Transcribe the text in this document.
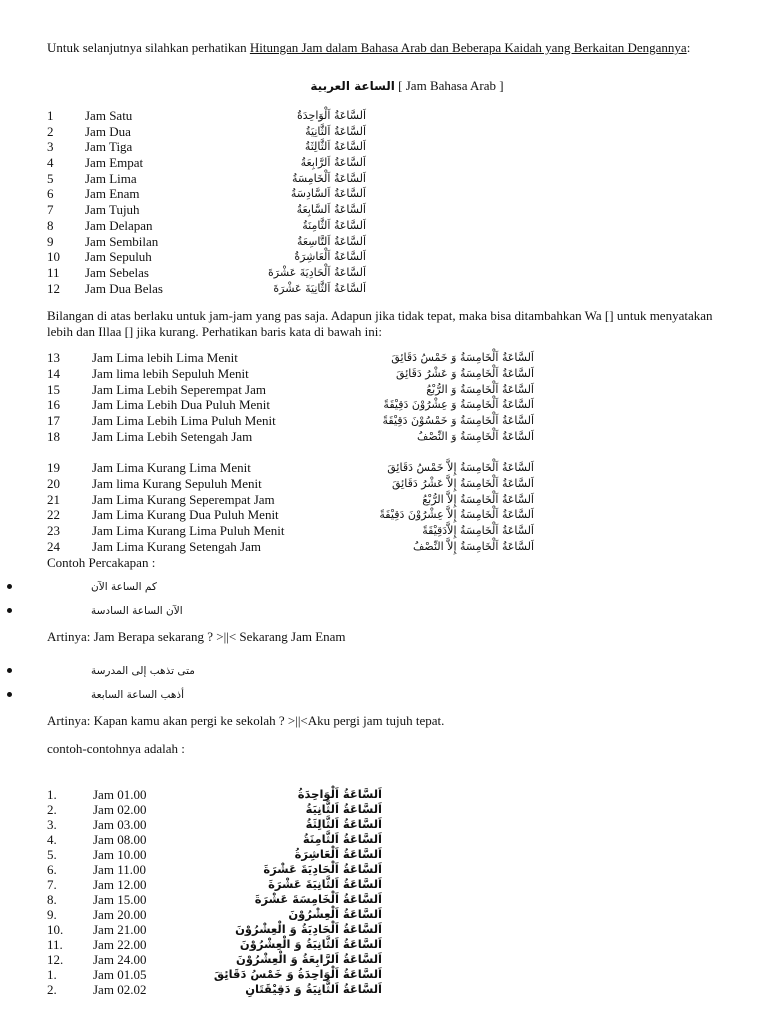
Untuk selanjutnya silahkan perhatikan Hitungan Jam dalam Bahasa Arab dan Beberapa Kaidah yang Berkaitan Dengannya:

الساعة العربية [ Jam Bahasa Arab ]
1 Jam Satu	اَلسَّاعَةُ اَلْوَاحِدَةُ
2 Jam Dua	اَلسَّاعَةُ اَلثَّانِيَةُ
3 Jam Tiga	اَلسَّاعَةُ اَلثَّالِثَةُ
4 Jam Empat	اَلسَّاعَةُ اَلرَّابِعَةُ
5 Jam Lima	اَلسَّاعَةُ اَلْخَامِسَةُ
6 Jam Enam	اَلسَّاعَةُ اَلسَّادِسَةُ
7 Jam Tujuh	اَلسَّاعَةُ اَلسَّابِعَةُ
8 Jam Delapan	اَلسَّاعَةُ اَلثَّامِنَةُ
9 Jam Sembilan	اَلسَّاعَةُ اَلتَّاسِعَةُ
10 Jam Sepuluh	اَلسَّاعَةُ اَلْعَاشِرَةُ
11 Jam Sebelas	اَلسَّاعَةُ اَلْحَادِيَةَ عَشْرَةَ
12 Jam Dua Belas	اَلسَّاعَةُ اَلثَّانِيَةَ عَشْرَةَ

Bilangan di atas berlaku untuk jam-jam yang pas saja. Adapun jika tidak tepat, maka bisa ditambahkan Wa [] untuk menyatakan lebih dan Illaa [] jika kurang. Perhatikan baris kata di bawah ini:

13 Jam Lima lebih Lima Menit	اَلسَّاعَةُ اَلْخَامِسَةُ وَ خَمْسُ دَقَائِقَ
14 Jam lima lebih Sepuluh Menit	اَلسَّاعَةُ اَلْخَامِسَةُ وَ عَشْرُ دَقَائِقَ
15 Jam Lima Lebih Seperempat Jam	اَلسَّاعَةُ اَلْخَامِسَةُ وَ الرُّبْعُ
16 Jam Lima Lebih Dua Puluh Menit	اَلسَّاعَةُ اَلْخَامِسَةُ وَ عِشْرُوْنَ دَقِيْقَةً
17 Jam Lima Lebih Lima Puluh Menit	اَلسَّاعَةُ اَلْخَامِسَةُ وَ خَمْسُوْنَ دَقِيْقَةً
18 Jam Lima Lebih Setengah Jam	اَلسَّاعَةُ اَلْخَامِسَةُ وَ النِّصْفُ
19 Jam Lima Kurang Lima Menit	اَلسَّاعَةُ اَلْخَامِسَةُ إِلاَّ خَمْسُ دَقَائِقَ
20 Jam lima Kurang Sepuluh Menit	اَلسَّاعَةُ اَلْخَامِسَةُ إِلاَّ عَشْرُ دَقَائِقَ
21 Jam Lima Kurang Seperempat Jam	اَلسَّاعَةُ اَلْخَامِسَةُ إِلاَّ الرُّبْعُ
22 Jam Lima Kurang Dua Puluh Menit	اَلسَّاعَةُ اَلْخَامِسَةُ إِلاَّ عِشْرُوْنَ دَقِيْقَةً
23 Jam Lima Kurang Lima Puluh Menit	اَلسَّاعَةُ اَلْخَامِسَةُ إِلاَّدَقِيْقَةً
24 Jam Lima Kurang Setengah Jam	اَلسَّاعَةُ اَلْخَامِسَةُ إِلاَّ النِّصْفُ

Contoh Percakapan :

كم الساعة الآن
الآن الساعة السادسة

Artinya: Jam Berapa sekarang ? >||< Sekarang Jam Enam

متى تذهب إلى المدرسة
أذهب الساعة السابعة

Artinya: Kapan kamu akan pergi ke sekolah ? >||<Aku pergi jam tujuh tepat.

contoh-contohnya adalah :

1.	Jam 01.00	اَلسَّاعَةُ اَلْوَاحِدَةُ
2.	Jam 02.00	اَلسَّاعَةُ اَلثَّانِيَةُ
3.	Jam 03.00	اَلسَّاعَةُ اَلثَّالِثَةُ
4.	Jam 08.00	اَلسَّاعَةُ اَلثَّامِنَةُ
5.	Jam 10.00	اَلسَّاعَةُ اَلْعَاشِرَةُ
6.	Jam 11.00	اَلسَّاعَةُ اَلْحَادِيَةَ عَشْرَةَ
7.	Jam 12.00	اَلسَّاعَةُ اَلثَّانِيَةَ عَشْرَةَ
8.	Jam 15.00	اَلسَّاعَةُ اَلْخَامِسَةَ عَشْرَةَ
9.	Jam 20.00	اَلسَّاعَةُ اَلْعِشْرُوْنَ
10. Jam 21.00	اَلسَّاعَةُ اَلْحَادِيَةُ وَ الْعِشْرُوْنَ
11. Jam 22.00	اَلسَّاعَةُ اَلثَّانِيَةُ وَ الْعِشْرُوْنَ
12. Jam 24.00	اَلسَّاعَةُ اَلرَّابِعَةُ وَ الْعِشْرُوْنَ
1.	Jam 01.05	اَلسَّاعَةُ اَلْوَاحِدَةُ وَ خَمْسُ دَقَائِقَ
2.	Jam 02.02	اَلسَّاعَةُ اَلثَّانِيَةُ وَ دَقِيْقَتَانِ
